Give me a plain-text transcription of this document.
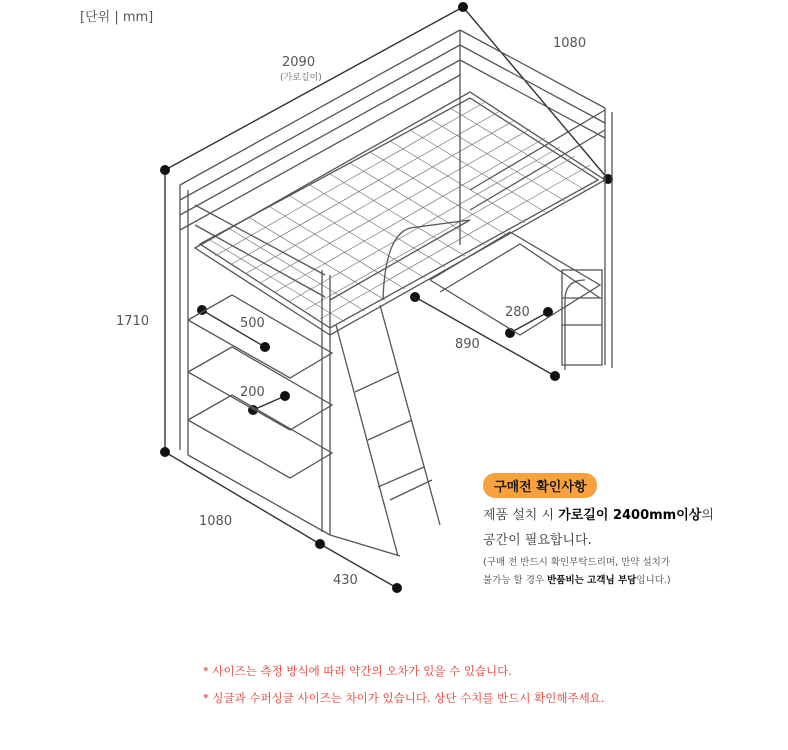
[단위 | mm]
2090
(가로길이)
1080
1710
1080
430
500
200
280
890
구매전 확인사항
제품 설치 시 가로길이 2400mm이상의
공간이 필요합니다.
(구매 전 반드시 확인부탁드리며, 만약 설치가
불가능 할 경우 반품비는 고객님 부담입니다.)
* 사이즈는 측정 방식에 따라 약간의 오차가 있을 수 있습니다.
* 싱글과 수퍼싱글 사이즈는 차이가 있습니다. 상단 수치를 반드시 확인해주세요.
